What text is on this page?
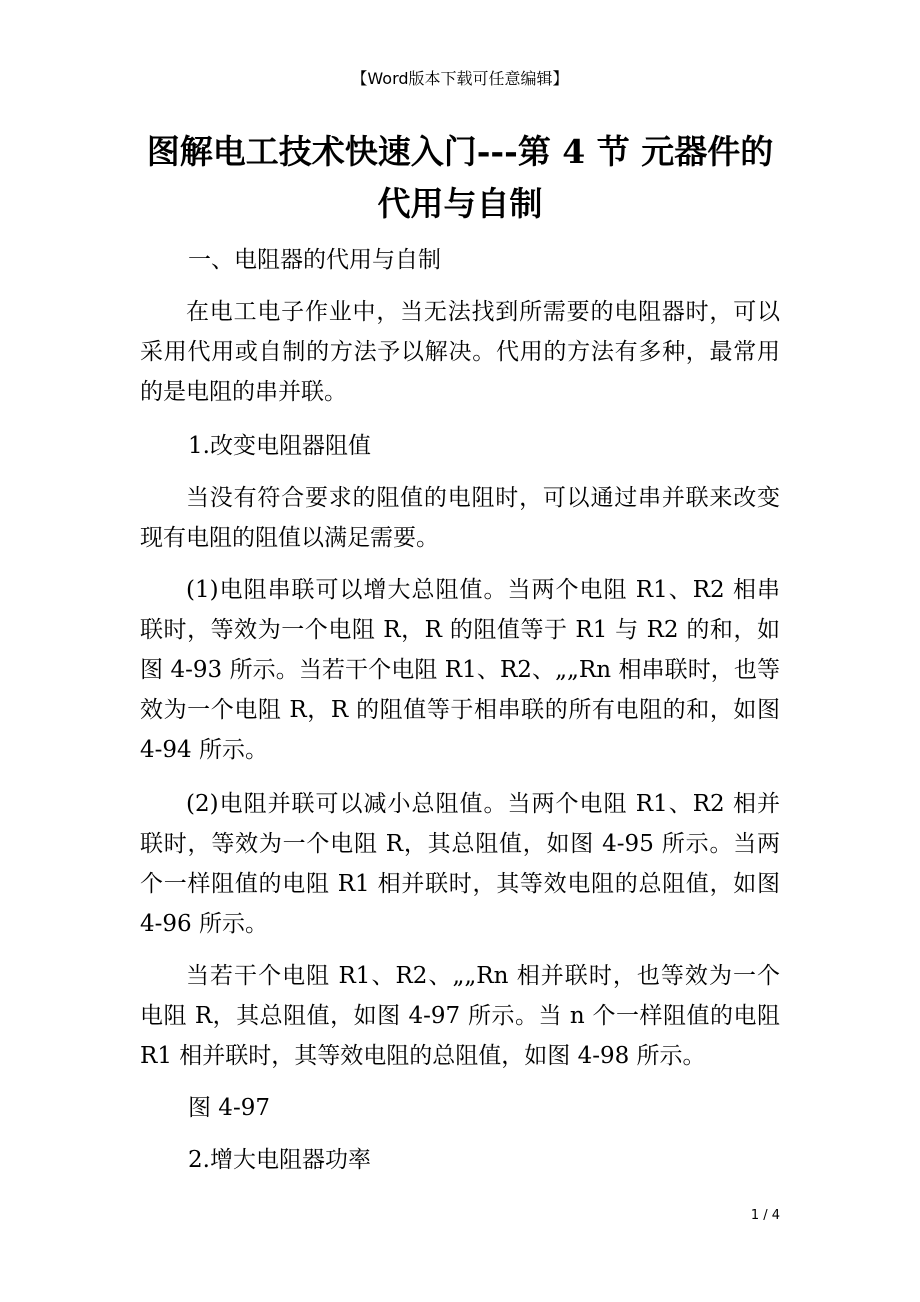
【Word版本下载可任意编辑】
图解电工技术快速入门---第 4 节 元器件的
代用与自制
一、电阻器的代用与自制
在电工电子作业中，当无法找到所需要的电阻器时，可以采用代用或自制的方法予以解决。代用的方法有多种，最常用的是电阻的串并联。
1.改变电阻器阻值
当没有符合要求的阻值的电阻时，可以通过串并联来改变现有电阻的阻值以满足需要。
(1)电阻串联可以增大总阻值。当两个电阻 R1、R2 相串联时，等效为一个电阻 R，R 的阻值等于 R1 与 R2 的和，如图 4-93 所示。当若干个电阻 R1、R2、„„Rn 相串联时，也等效为一个电阻 R，R 的阻值等于相串联的所有电阻的和，如图 4-94 所示。
(2)电阻并联可以减小总阻值。当两个电阻 R1、R2 相并联时，等效为一个电阻 R，其总阻值，如图 4-95 所示。当两个一样阻值的电阻 R1 相并联时，其等效电阻的总阻值，如图 4-96 所示。
当若干个电阻 R1、R2、„„Rn 相并联时，也等效为一个电阻 R，其总阻值，如图 4-97 所示。当 n 个一样阻值的电阻 R1 相并联时，其等效电阻的总阻值，如图 4-98 所示。
图 4-97
2.增大电阻器功率
1 / 4
